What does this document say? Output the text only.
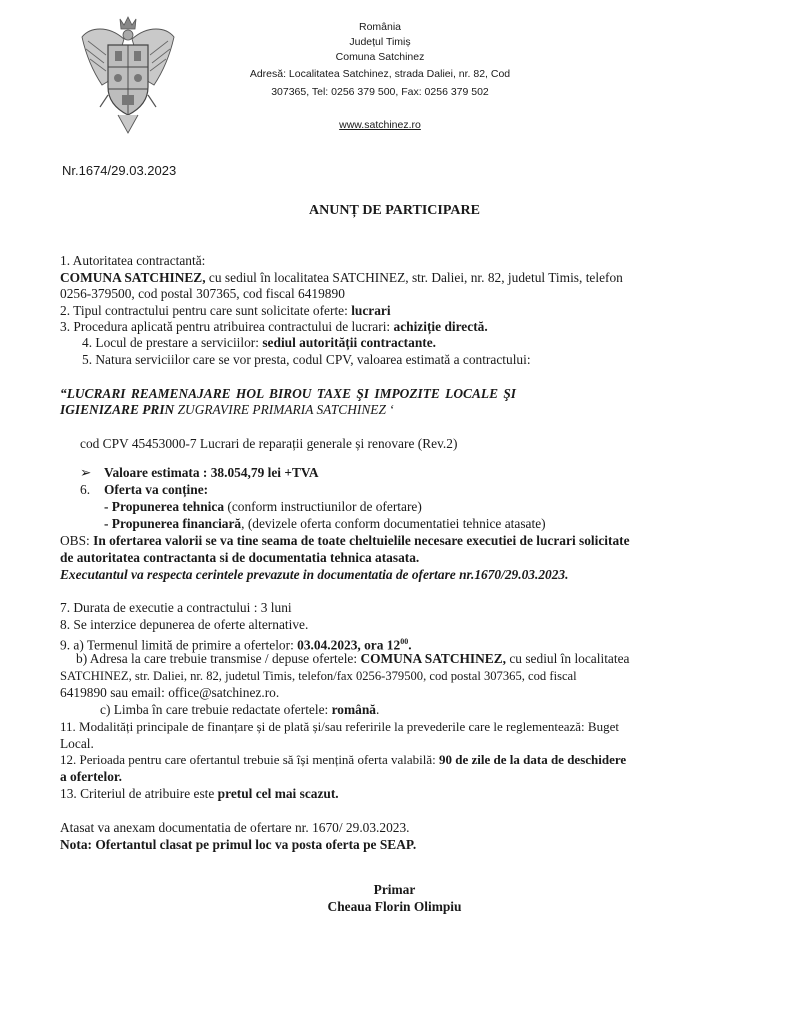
România
Județul Timiș
Comuna Satchinez
Adresă: Localitatea Satchinez, strada Daliei, nr. 82, Cod
307365, Tel: 0256 379 500, Fax: 0256 379 502
www.satchinez.ro
Nr.1674/29.03.2023
ANUNȚ DE PARTICIPARE
1. Autoritatea contractantă:
COMUNA SATCHINEZ, cu sediul în localitatea SATCHINEZ, str. Daliei, nr. 82, judetul Timis, telefon
0256-379500, cod postal 307365, cod fiscal 6419890
2. Tipul contractului pentru care sunt solicitate oferte: lucrari
3. Procedura aplicată pentru atribuirea contractului de lucrari: achiziție directă.
4. Locul de prestare a serviciilor: sediul autorității contractante.
5. Natura serviciilor care se vor presta, codul CPV, valoarea estimată a contractului:
“LUCRARI REAMENAJARE HOL BIROU TAXE ŞI IMPOZITE LOCALE ŞI
IGIENIZARE PRIN ZUGRAVIRE PRIMARIA SATCHINEZ ‘
cod CPV 45453000-7 Lucrari de reparații generale și renovare (Rev.2)
➢ Valoare estimata : 38.054,79 lei +TVA
6. Oferta va conține:
- Propunerea tehnica (conform instructiunilor de ofertare)
- Propunerea financiară, (devizele oferta conform documentatiei tehnice atasate)
OBS: In ofertarea valorii se va tine seama de toate cheltuielile necesare executiei de lucrari solicitate
de autoritatea contractanta si de documentatia tehnica atasata.
Executantul va respecta cerintele prevazute in documentatia de ofertare nr.1670/29.03.2023.
7. Durata de executie a contractului : 3 luni
8. Se interzice depunerea de oferte alternative.
9. a) Termenul limită de primire a ofertelor: 03.04.2023, ora $12^{00}$.
b) Adresa la care trebuie transmise / depuse ofertele: COMUNA SATCHINEZ, cu sediul în localitatea
SATCHINEZ, str. Daliei, nr. 82, judetul Timis, telefon/fax 0256-379500, cod postal 307365, cod fiscal
6419890 sau email: office@satchinez.ro.
c) Limba în care trebuie redactate ofertele: română.
11. Modalități principale de finanțare și de plată și/sau referirile la prevederile care le reglementează: Buget
Local.
12. Perioada pentru care ofertantul trebuie să își mențină oferta valabilă: 90 de zile de la data de deschidere
a ofertelor.
13. Criteriul de atribuire este pretul cel mai scazut.
Atasat va anexam documentatia de ofertare nr. 1670/ 29.03.2023.
Nota: Ofertantul clasat pe primul loc va posta oferta pe SEAP.
Primar
Cheaua Florin Olimpiu
